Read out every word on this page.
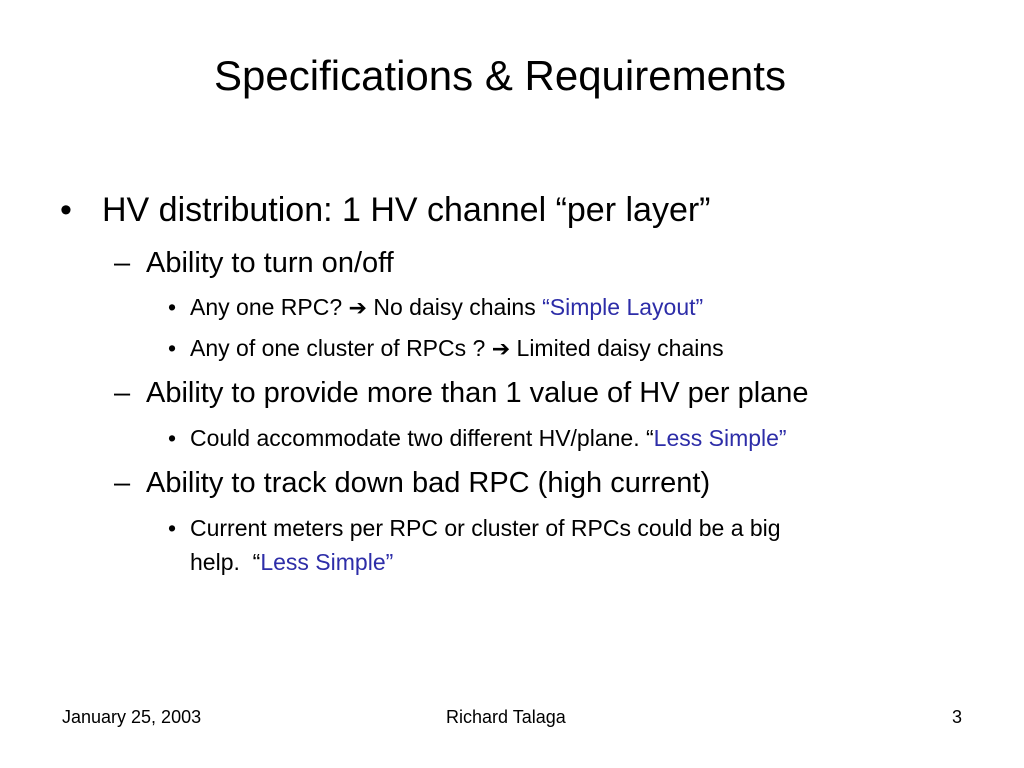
Specifications & Requirements
• HV distribution: 1 HV channel “per layer”
– Ability to turn on/off
• Any one RPC? ➔ No daisy chains “Simple Layout”
• Any of one cluster of RPCs ? ➔ Limited daisy chains
– Ability to provide more than 1 value of HV per plane
• Could accommodate two different HV/plane. “Less Simple”
– Ability to track down bad RPC (high current)
• Current meters per RPC or cluster of RPCs could be a big
help.  “Less Simple”
January 25, 2003	Richard Talaga	3
